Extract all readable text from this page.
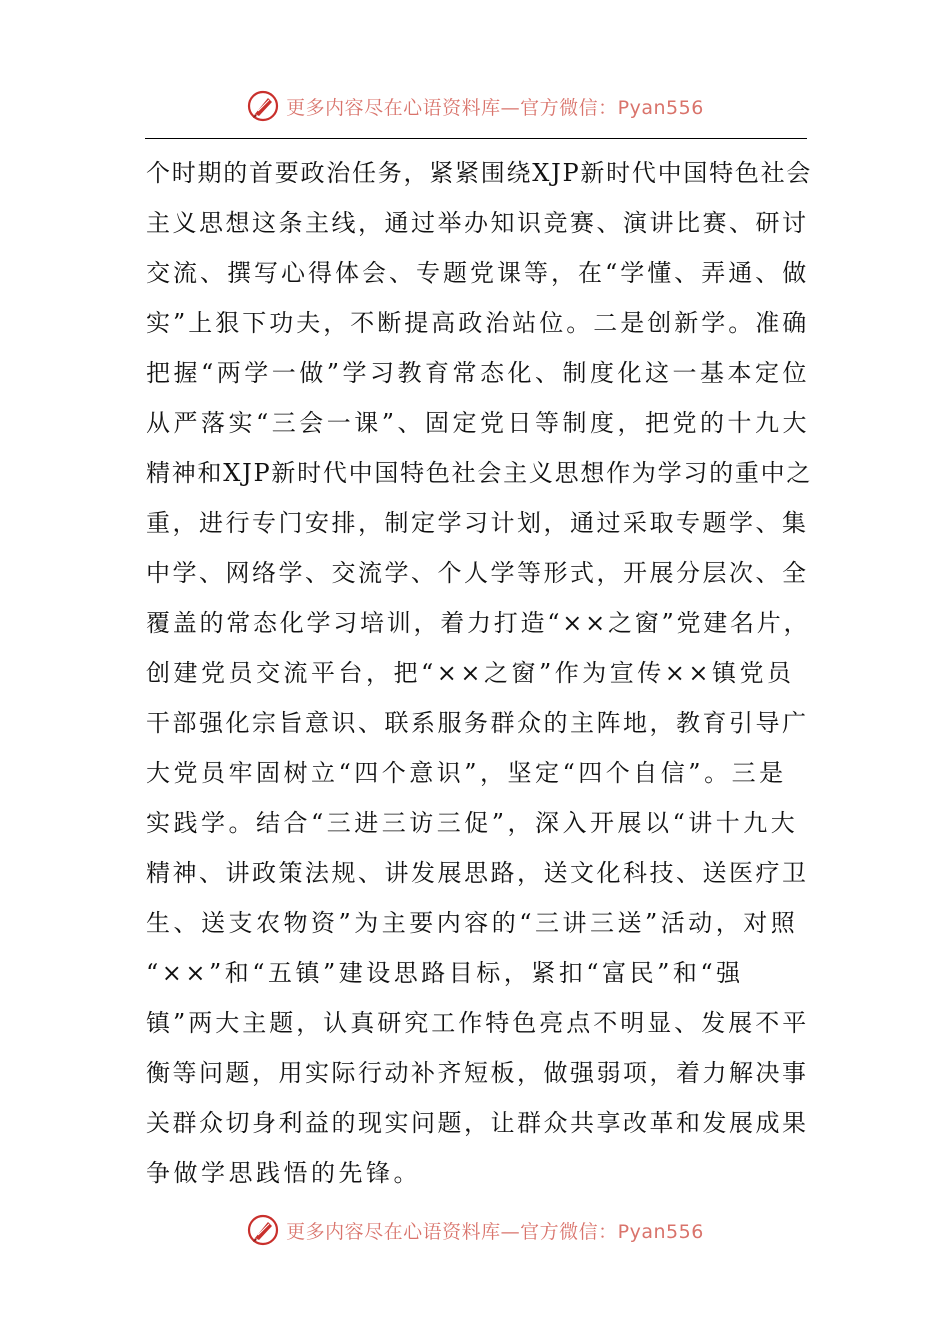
更多内容尽在心语资料库—官方微信：Pyan556
个时期的首要政治任务，紧紧围绕XJP新时代中国特色社会
主义思想这条主线，通过举办知识竞赛、演讲比赛、研讨
交流、撰写心得体会、专题党课等，在“学懂、弄通、做
实”上狠下功夫，不断提高政治站位。二是创新学。准确
把握“两学一做”学习教育常态化、制度化这一基本定位
从严落实“三会一课”、固定党日等制度，把党的十九大
精神和XJP新时代中国特色社会主义思想作为学习的重中之
重，进行专门安排，制定学习计划，通过采取专题学、集
中学、网络学、交流学、个人学等形式，开展分层次、全
覆盖的常态化学习培训，着力打造“××之窗”党建名片，
创建党员交流平台，把“××之窗”作为宣传××镇党员
干部强化宗旨意识、联系服务群众的主阵地，教育引导广
大党员牢固树立“四个意识”，坚定“四个自信”。三是
实践学。结合“三进三访三促”，深入开展以“讲十九大
精神、讲政策法规、讲发展思路，送文化科技、送医疗卫
生、送支农物资”为主要内容的“三讲三送”活动，对照
“××”和“五镇”建设思路目标，紧扣“富民”和“强
镇”两大主题，认真研究工作特色亮点不明显、发展不平
衡等问题，用实际行动补齐短板，做强弱项，着力解决事
关群众切身利益的现实问题，让群众共享改革和发展成果
争做学思践悟的先锋。
更多内容尽在心语资料库—官方微信：Pyan556
